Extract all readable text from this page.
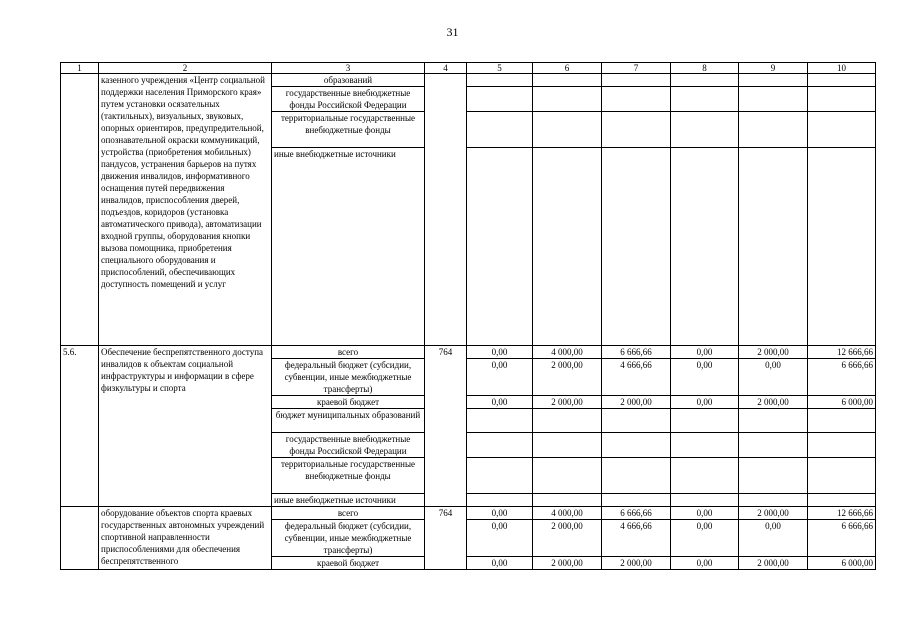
31
1	2	3	4	5	6	7	8	9	10
	казенного учреждения «Центр социальной поддержки населения Приморского края» путем установки осязательных (тактильных), визуальных, звуковых, опорных ориентиров, предупредительной, опознавательной окраски коммуникаций, устройства (приобретения мобильных) пандусов, устранения барьеров на путях движения инвалидов, информативного оснащения путей передвижения инвалидов, приспособления дверей, подъездов, коридоров (установка автоматического привода), автоматизации входной группы, оборудования кнопки вызова помощника, приобретения специального оборудования и приспособлений, обеспечивающих доступность помещений и услуг	образований							
		государственные внебюджетные фонды Российской Федерации							
		территориальные государственные внебюджетные фонды							
		иные внебюджетные источники							
5.6.	Обеспечение беспрепятственного доступа инвалидов к объектам социальной инфраструктуры и информации в сфере физкультуры и спорта	всего	764	0,00	4 000,00	6 666,66	0,00	2 000,00	12 666,66
		федеральный бюджет (субсидии, субвенции, иные межбюджетные трансферты)		0,00	2 000,00	4 666,66	0,00	0,00	6 666,66
		краевой бюджет		0,00	2 000,00	2 000,00	0,00	2 000,00	6 000,00
		бюджет муниципальных образований							
		государственные внебюджетные фонды Российской Федерации							
		территориальные государственные внебюджетные фонды							
		иные внебюджетные источники							
	оборудование объектов спорта краевых государственных автономных учреждений спортивной направленности приспособлениями для обеспечения беспрепятственного	всего	764	0,00	4 000,00	6 666,66	0,00	2 000,00	12 666,66
		федеральный бюджет (субсидии, субвенции, иные межбюджетные трансферты)		0,00	2 000,00	4 666,66	0,00	0,00	6 666,66
		краевой бюджет		0,00	2 000,00	2 000,00	0,00	2 000,00	6 000,00
